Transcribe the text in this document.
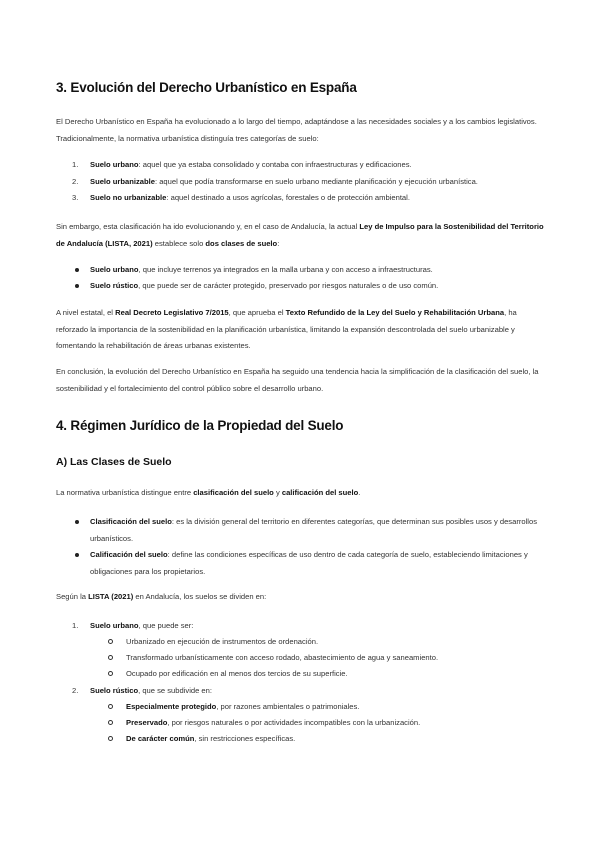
3. Evolución del Derecho Urbanístico en España
El Derecho Urbanístico en España ha evolucionado a lo largo del tiempo, adaptándose a las necesidades sociales y a los cambios legislativos. Tradicionalmente, la normativa urbanística distinguía tres categorías de suelo:
1. Suelo urbano: aquel que ya estaba consolidado y contaba con infraestructuras y edificaciones.
2. Suelo urbanizable: aquel que podía transformarse en suelo urbano mediante planificación y ejecución urbanística.
3. Suelo no urbanizable: aquel destinado a usos agrícolas, forestales o de protección ambiental.
Sin embargo, esta clasificación ha ido evolucionando y, en el caso de Andalucía, la actual Ley de Impulso para la Sostenibilidad del Territorio de Andalucía (LISTA, 2021) establece solo dos clases de suelo:
Suelo urbano, que incluye terrenos ya integrados en la malla urbana y con acceso a infraestructuras.
Suelo rústico, que puede ser de carácter protegido, preservado por riesgos naturales o de uso común.
A nivel estatal, el Real Decreto Legislativo 7/2015, que aprueba el Texto Refundido de la Ley del Suelo y Rehabilitación Urbana, ha reforzado la importancia de la sostenibilidad en la planificación urbanística, limitando la expansión descontrolada del suelo urbanizable y fomentando la rehabilitación de áreas urbanas existentes.
En conclusión, la evolución del Derecho Urbanístico en España ha seguido una tendencia hacia la simplificación de la clasificación del suelo, la sostenibilidad y el fortalecimiento del control público sobre el desarrollo urbano.
4. Régimen Jurídico de la Propiedad del Suelo
A) Las Clases de Suelo
La normativa urbanística distingue entre clasificación del suelo y calificación del suelo.
Clasificación del suelo: es la división general del territorio en diferentes categorías, que determinan sus posibles usos y desarrollos urbanísticos.
Calificación del suelo: define las condiciones específicas de uso dentro de cada categoría de suelo, estableciendo limitaciones y obligaciones para los propietarios.
Según la LISTA (2021) en Andalucía, los suelos se dividen en:
1. Suelo urbano, que puede ser:
Urbanizado en ejecución de instrumentos de ordenación.
Transformado urbanísticamente con acceso rodado, abastecimiento de agua y saneamiento.
Ocupado por edificación en al menos dos tercios de su superficie.
2. Suelo rústico, que se subdivide en:
Especialmente protegido, por razones ambientales o patrimoniales.
Preservado, por riesgos naturales o por actividades incompatibles con la urbanización.
De carácter común, sin restricciones específicas.
